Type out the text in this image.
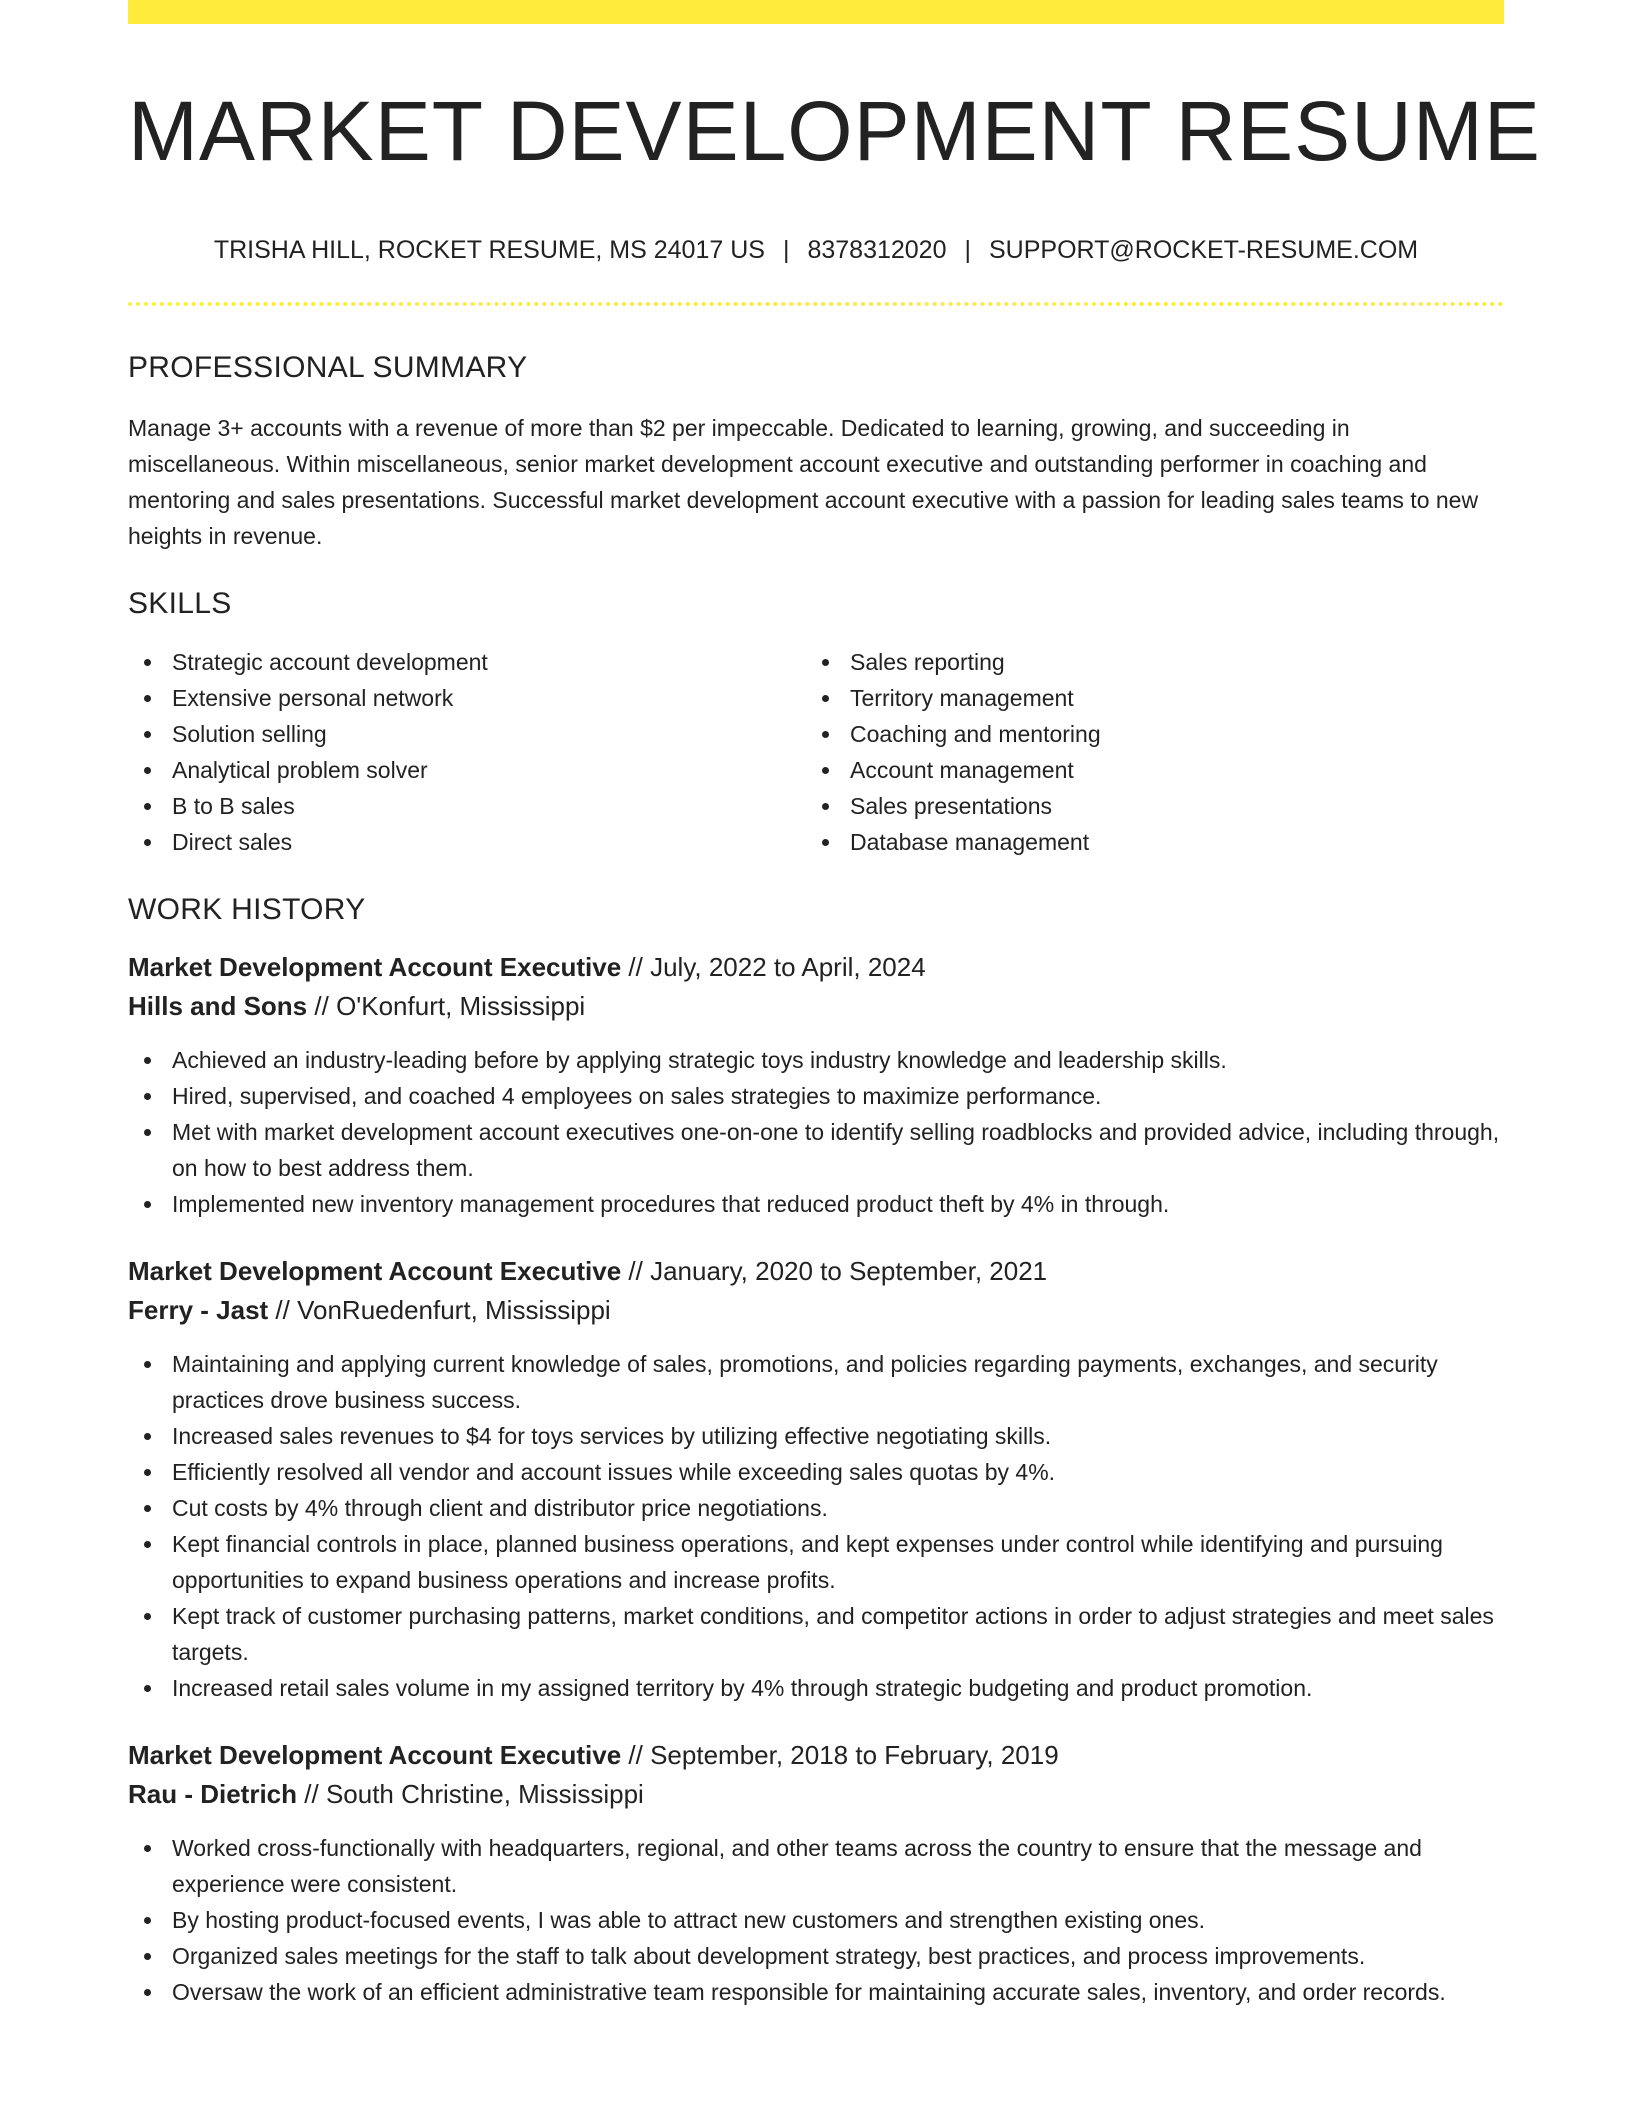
MARKET DEVELOPMENT RESUME
TRISHA HILL, ROCKET RESUME, MS 24017 US | 8378312020 | SUPPORT@ROCKET-RESUME.COM
PROFESSIONAL SUMMARY

Manage 3+ accounts with a revenue of more than $2 per impeccable. Dedicated to learning, growing, and succeeding in miscellaneous. Within miscellaneous, senior market development account executive and outstanding performer in coaching and mentoring and sales presentations. Successful market development account executive with a passion for leading sales teams to new heights in revenue.

SKILLS
Strategic account development
Extensive personal network
Solution selling
Analytical problem solver
B to B sales
Direct sales
Sales reporting
Territory management
Coaching and mentoring
Account management
Sales presentations
Database management
WORK HISTORY
Market Development Account Executive // July, 2022 to April, 2024
Hills and Sons // O'Konfurt, Mississippi
Achieved an industry-leading before by applying strategic toys industry knowledge and leadership skills.
Hired, supervised, and coached 4 employees on sales strategies to maximize performance.
Met with market development account executives one-on-one to identify selling roadblocks and provided advice, including through, on how to best address them.
Implemented new inventory management procedures that reduced product theft by 4% in through.
Market Development Account Executive // January, 2020 to September, 2021
Ferry - Jast // VonRuedenfurt, Mississippi
Maintaining and applying current knowledge of sales, promotions, and policies regarding payments, exchanges, and security practices drove business success.
Increased sales revenues to $4 for toys services by utilizing effective negotiating skills.
Efficiently resolved all vendor and account issues while exceeding sales quotas by 4%.
Cut costs by 4% through client and distributor price negotiations.
Kept financial controls in place, planned business operations, and kept expenses under control while identifying and pursuing opportunities to expand business operations and increase profits.
Kept track of customer purchasing patterns, market conditions, and competitor actions in order to adjust strategies and meet sales targets.
Increased retail sales volume in my assigned territory by 4% through strategic budgeting and product promotion.
Market Development Account Executive // September, 2018 to February, 2019
Rau - Dietrich // South Christine, Mississippi
Worked cross-functionally with headquarters, regional, and other teams across the country to ensure that the message and experience were consistent.
By hosting product-focused events, I was able to attract new customers and strengthen existing ones.
Organized sales meetings for the staff to talk about development strategy, best practices, and process improvements.
Oversaw the work of an efficient administrative team responsible for maintaining accurate sales, inventory, and order records.
